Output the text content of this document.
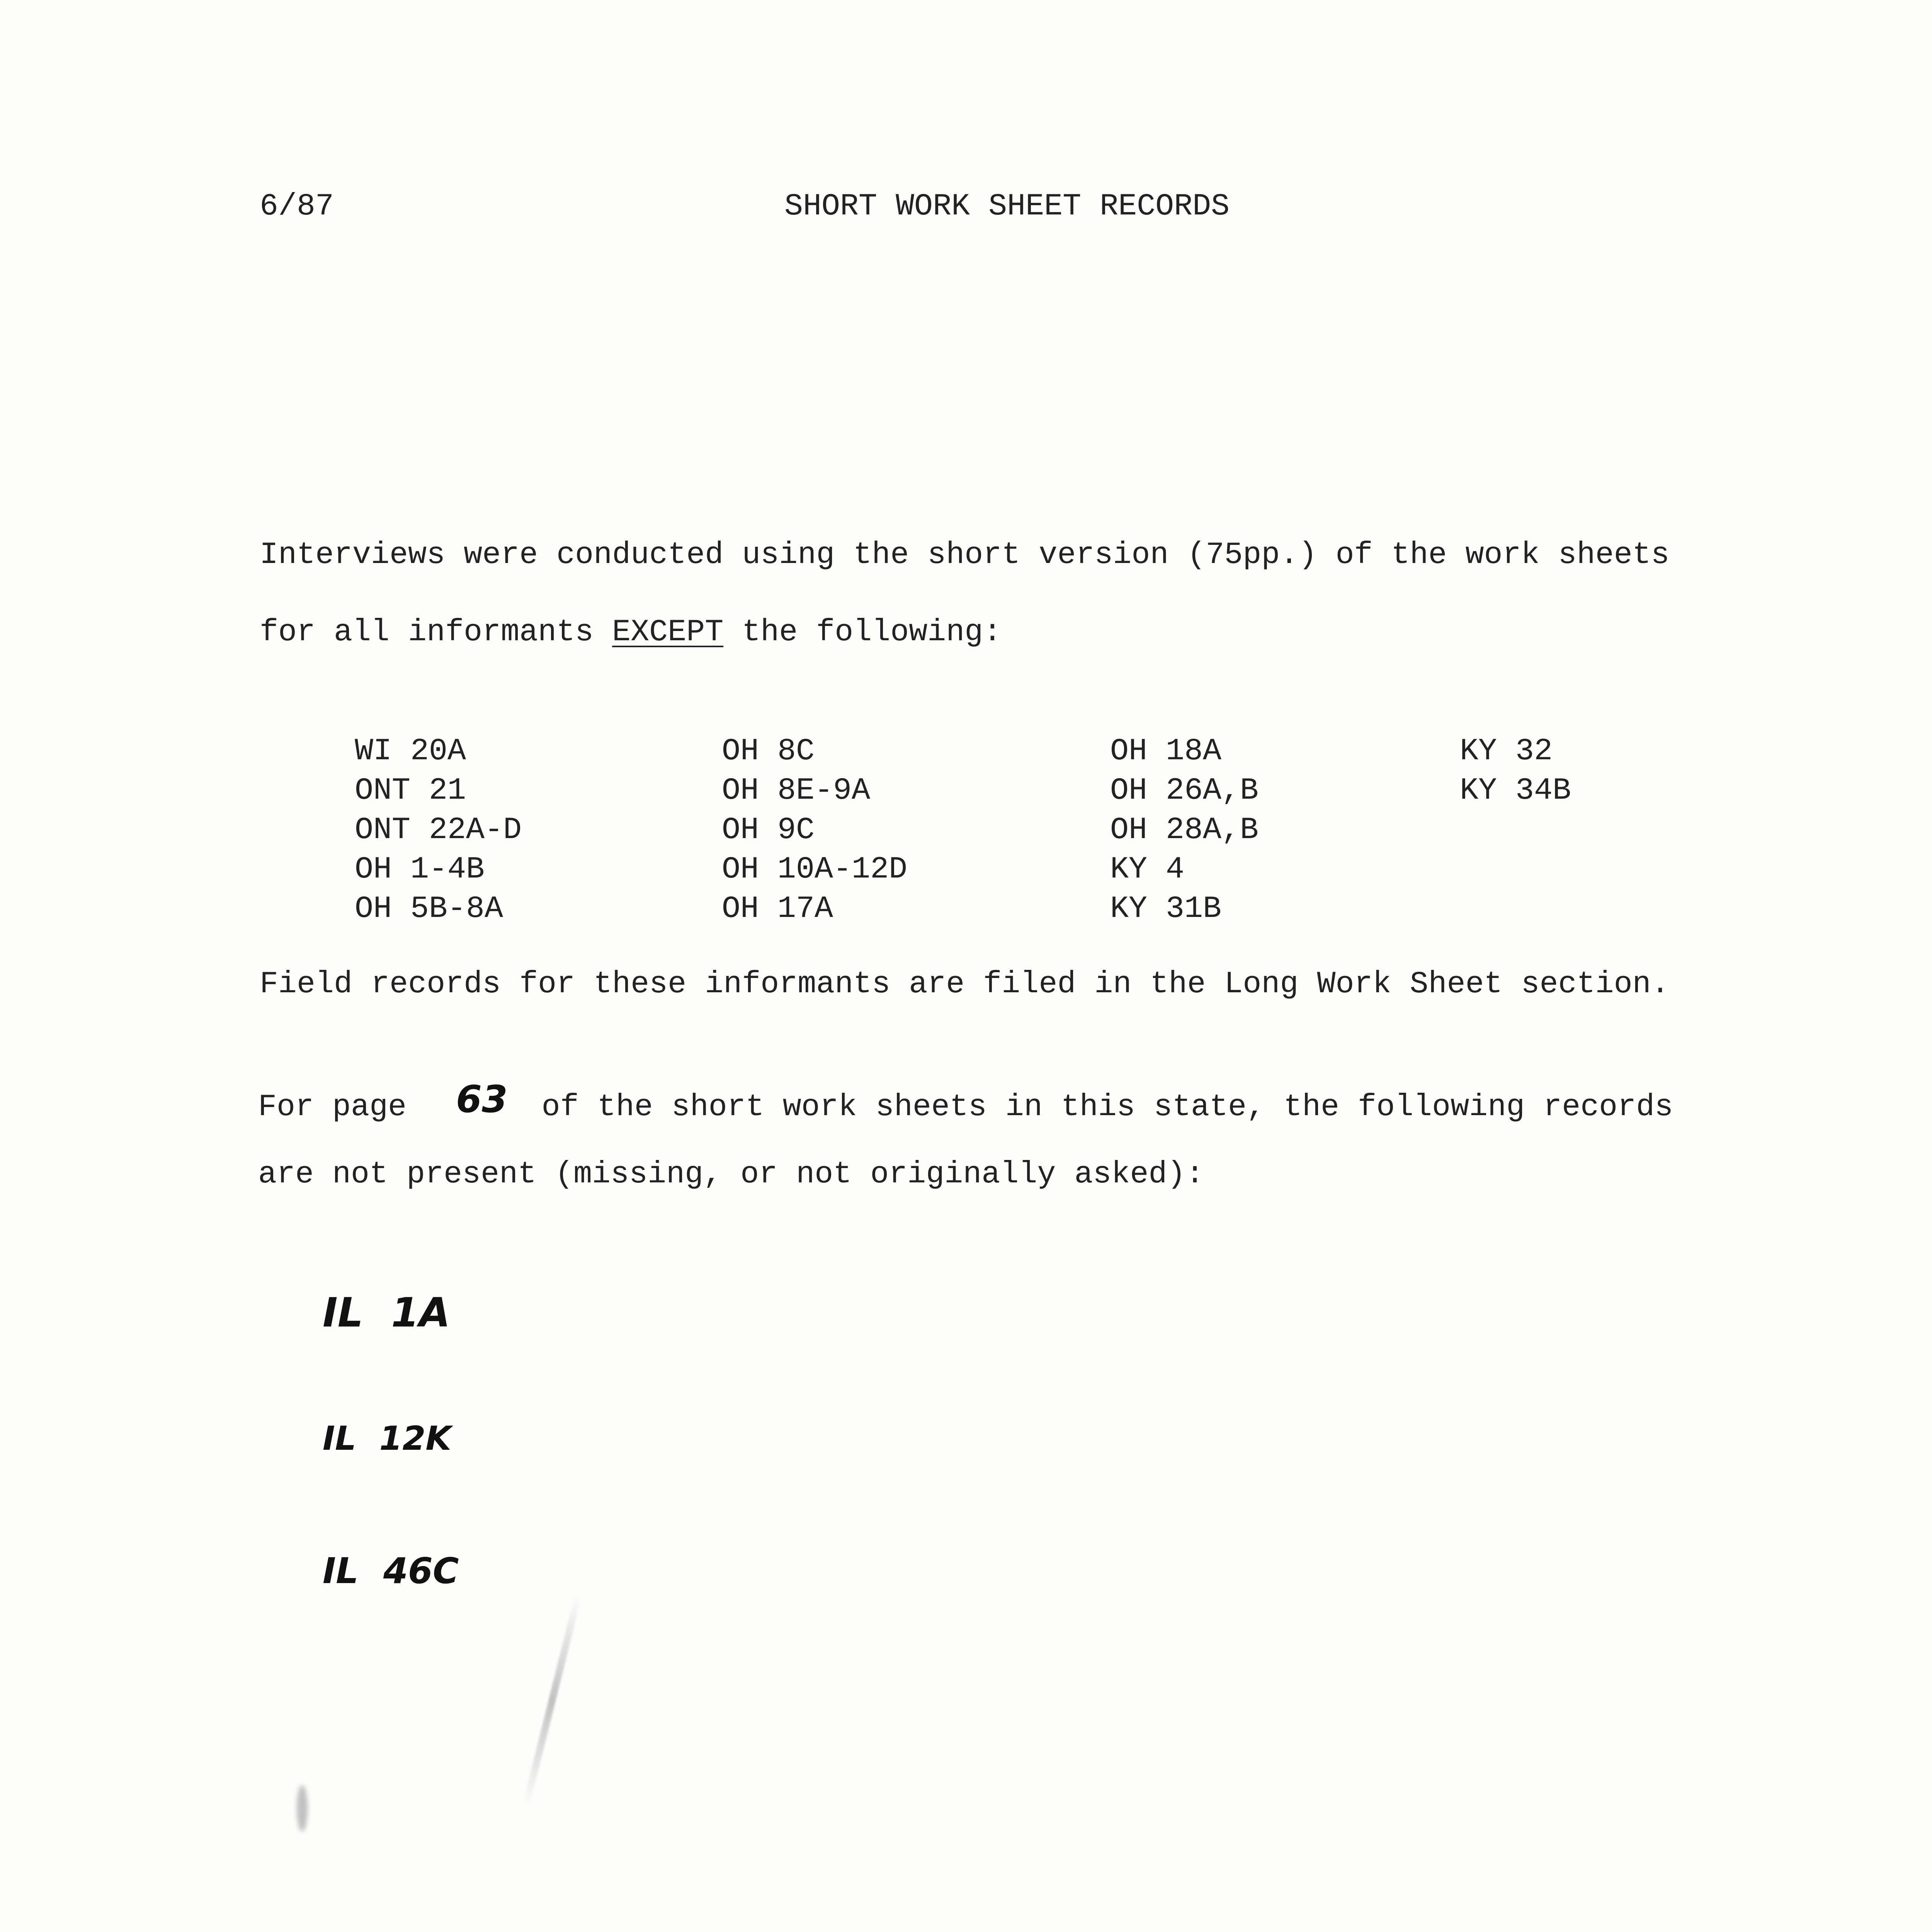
6/87	SHORT WORK SHEET RECORDS
Interviews were conducted using the short version (75pp.) of the work sheets
for all informants EXCEPT the following:
WI 20A
ONT 21
ONT 22A-D
OH 1-4B
OH 5B-8A
OH 8C
OH 8E-9A
OH 9C
OH 10A-12D
OH 17A
OH 18A
OH 26A,B
OH 28A,B
KY 4
KY 31B
KY 32
KY 34B
Field records for these informants are filed in the Long Work Sheet section.
For page 63 of the short work sheets in this state, the following records
are not present (missing, or not originally asked):
IL  1A
IL  12K
IL  46C
